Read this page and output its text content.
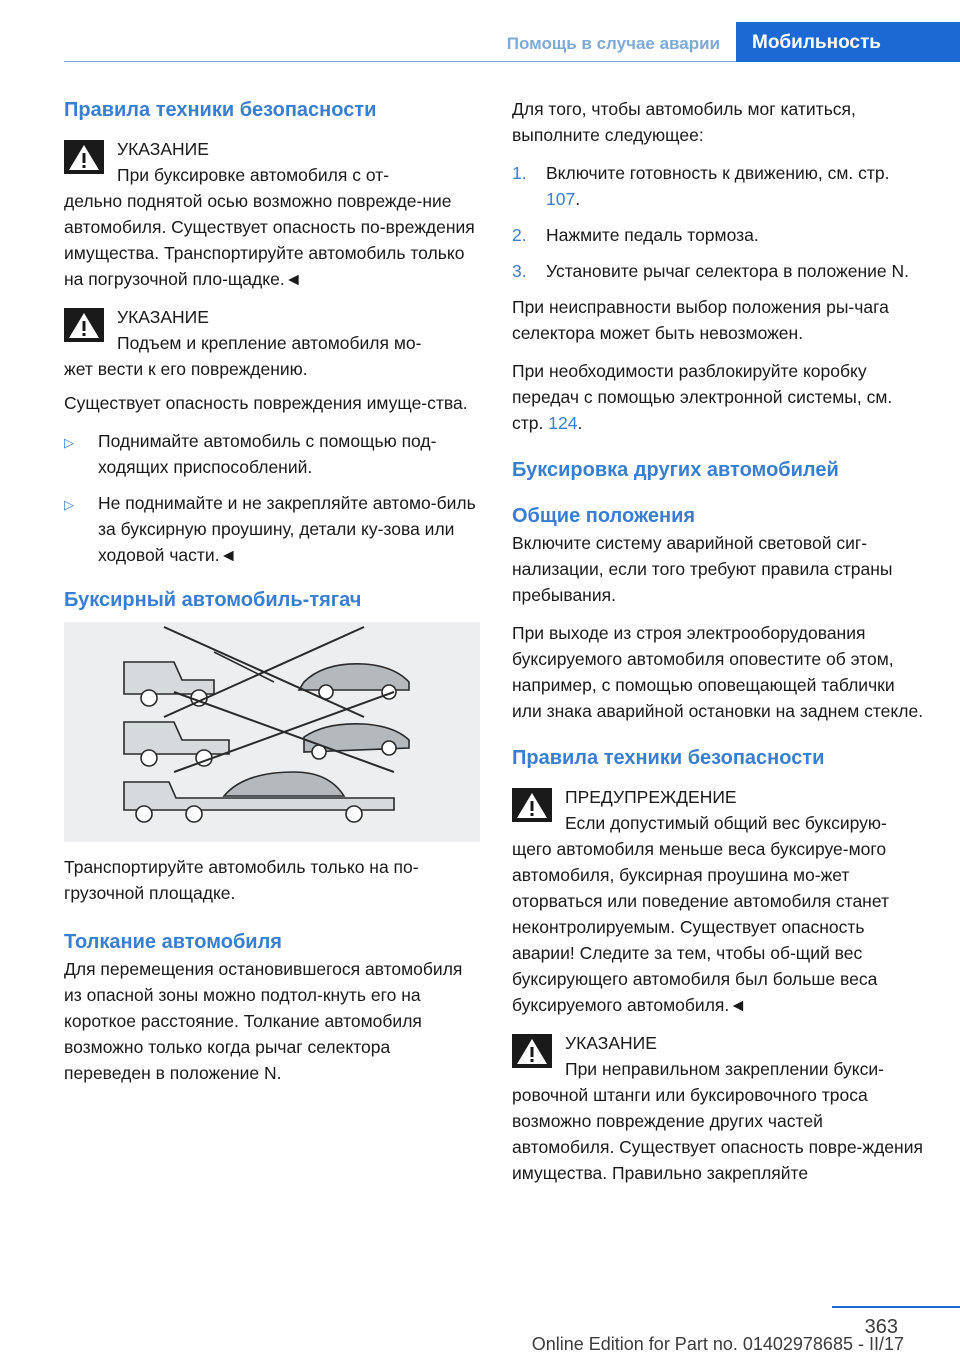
Помощь в случае аварии	Мобильность
Правила техники безопасности
УКАЗАНИЕ
При буксировке автомобиля с от-
дельно поднятой осью возможно поврежде-ние автомобиля. Существует опасность по-вреждения имущества. Транспортируйте автомобиль только на погрузочной пло-щадке.◄
УКАЗАНИЕ
Подъем и крепление автомобиля мо-
жет вести к его повреждению.
Существует опасность повреждения имуще-ства.
▷	Поднимайте автомобиль с помощью под-ходящих приспособлений.
▷	Не поднимайте и не закрепляйте автомо-биль за буксирную проушину, детали ку-зова или ходовой части.◄
Буксирный автомобиль-тягач
Транспортируйте автомобиль только на по-грузочной площадке.
Толкание автомобиля
Для перемещения остановившегося автомобиля из опасной зоны можно подтол-кнуть его на короткое расстояние. Толкание автомобиля возможно только когда рычаг селектора переведен в положение N.
Для того, чтобы автомобиль мог катиться, выполните следующее:
1.	Включите готовность к движению, см. стр. 107.
2.	Нажмите педаль тормоза.
3.	Установите рычаг селектора в положение N.
При неисправности выбор положения ры-чага селектора может быть невозможен.
При необходимости разблокируйте коробку передач с помощью электронной системы, см. стр. 124.
Буксировка других автомобилей
Общие положения
Включите систему аварийной световой сиг-нализации, если того требуют правила страны пребывания.
При выходе из строя электрооборудования буксируемого автомобиля оповестите об этом, например, с помощью оповещающей таблички или знака аварийной остановки на заднем стекле.
Правила техники безопасности
ПРЕДУПРЕЖДЕНИЕ
Если допустимый общий вес буксирую-
щего автомобиля меньше веса буксируе-мого автомобиля, буксирная проушина мо-жет оторваться или поведение автомобиля станет неконтролируемым. Существует опасность аварии! Следите за тем, чтобы об-щий вес буксирующего автомобиля был больше веса буксируемого автомобиля.◄
УКАЗАНИЕ
При неправильном закреплении букси-
ровочной штанги или буксировочного троса возможно повреждение других частей автомобиля. Существует опасность повре-ждения имущества. Правильно закрепляйте
363
Online Edition for Part no. 01402978685 - II/17
